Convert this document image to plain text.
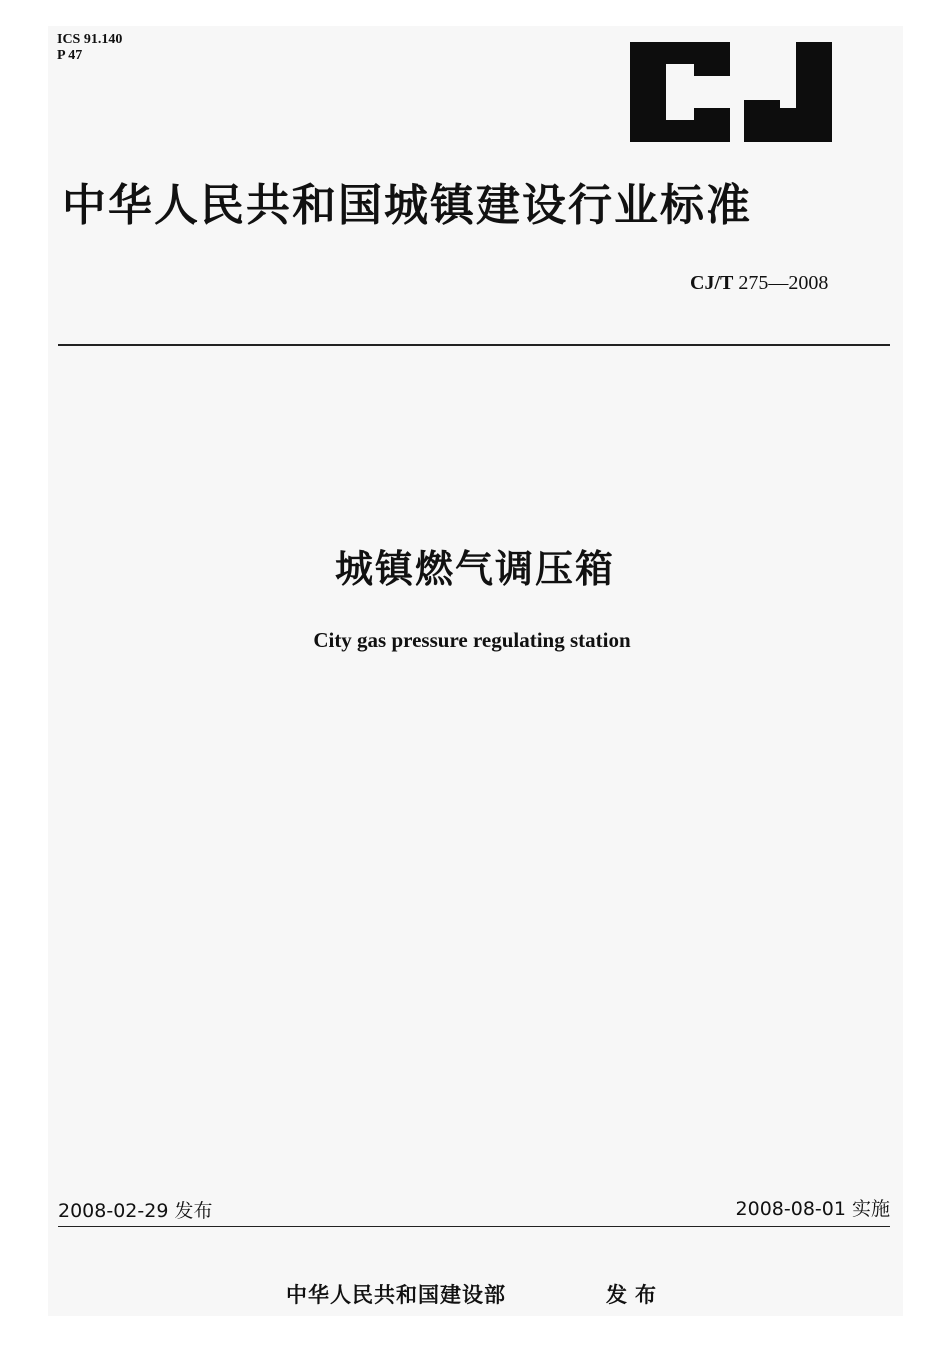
ICS 91.140
P 47
中华人民共和国城镇建设行业标准
CJ/T 275—2008
城镇燃气调压箱
City gas pressure regulating station
2008-02-29 发布	2008-08-01 实施
中华人民共和国建设部	发布
